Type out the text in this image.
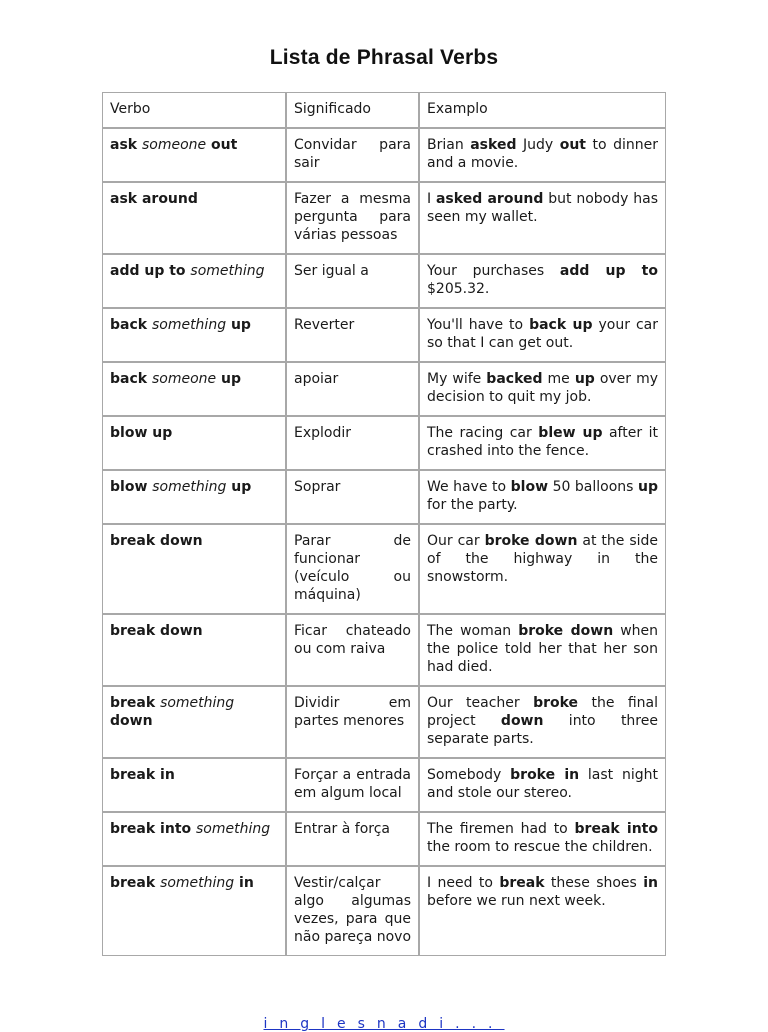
Lista de Phrasal Verbs
Verbo	Significado	Examplo
ask someone out	Convidar para sair	Brian asked Judy out to dinner and a movie.
ask around	Fazer a mesma pergunta para várias pessoas	I asked around but nobody has seen my wallet.
add up to something	Ser igual a	Your purchases add up to $205.32.
back something up	Reverter	You'll have to back up your car so that I can get out.
back someone up	apoiar	My wife backed me up over my decision to quit my job.
blow up	Explodir	The racing car blew up after it crashed into the fence.
blow something up	Soprar	We have to blow 50 balloons up for the party.
break down	Parar de funcionar (veículo ou máquina)	Our car broke down at the side of the highway in the snowstorm.
break down	Ficar chateado ou com raiva	The woman broke down when the police told her that her son had died.
break something down	Dividir em partes menores	Our teacher broke the final project down into three separate parts.
break in	Forçar a entrada em algum local	Somebody broke in last night and stole our stereo.
break into something	Entrar à força	The firemen had to break into the room to rescue the children.
break something in	Vestir/calçar algo algumas vezes, para que não pareça novo	I need to break these shoes in before we run next week.
inglesnadi...
